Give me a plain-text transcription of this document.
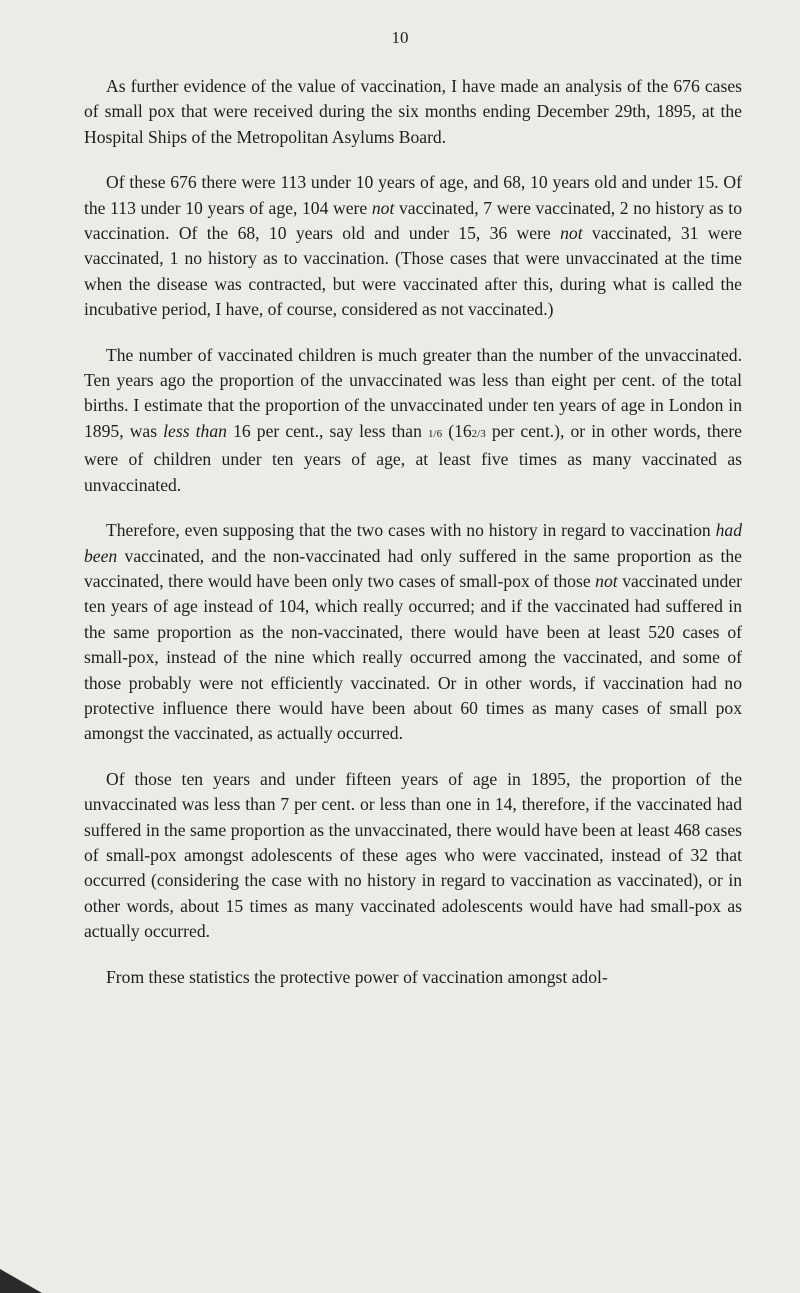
10

As further evidence of the value of vaccination, I have made an analysis of the 676 cases of small pox that were received during the six months ending December 29th, 1895, at the Hospital Ships of the Metropolitan Asylums Board.

Of these 676 there were 113 under 10 years of age, and 68, 10 years old and under 15. Of the 113 under 10 years of age, 104 were not vaccinated, 7 were vaccinated, 2 no history as to vaccination. Of the 68, 10 years old and under 15, 36 were not vaccinated, 31 were vaccinated, 1 no history as to vaccination. (Those cases that were unvaccinated at the time when the disease was contracted, but were vaccinated after this, during what is called the incubative period, I have, of course, considered as not vaccinated.)

The number of vaccinated children is much greater than the number of the unvaccinated. Ten years ago the proportion of the unvaccinated was less than eight per cent. of the total births. I estimate that the proportion of the unvaccinated under ten years of age in London in 1895, was less than 16 per cent., say less than 1/6 (162/3 per cent.), or in other words, there were of children under ten years of age, at least five times as many vaccinated as unvaccinated.

Therefore, even supposing that the two cases with no history in regard to vaccination had been vaccinated, and the non-vaccinated had only suffered in the same proportion as the vaccinated, there would have been only two cases of small-pox of those not vaccinated under ten years of age instead of 104, which really occurred; and if the vaccinated had suffered in the same proportion as the non-vaccinated, there would have been at least 520 cases of small-pox, instead of the nine which really occurred among the vaccinated, and some of those probably were not efficiently vaccinated. Or in other words, if vaccination had no protective influence there would have been about 60 times as many cases of small pox amongst the vaccinated, as actually occurred.

Of those ten years and under fifteen years of age in 1895, the proportion of the unvaccinated was less than 7 per cent. or less than one in 14, therefore, if the vaccinated had suffered in the same proportion as the unvaccinated, there would have been at least 468 cases of small-pox amongst adolescents of these ages who were vaccinated, instead of 32 that occurred (considering the case with no history in regard to vaccination as vaccinated), or in other words, about 15 times as many vaccinated adolescents would have had small-pox as actually occurred.

From these statistics the protective power of vaccination amongst adol-
